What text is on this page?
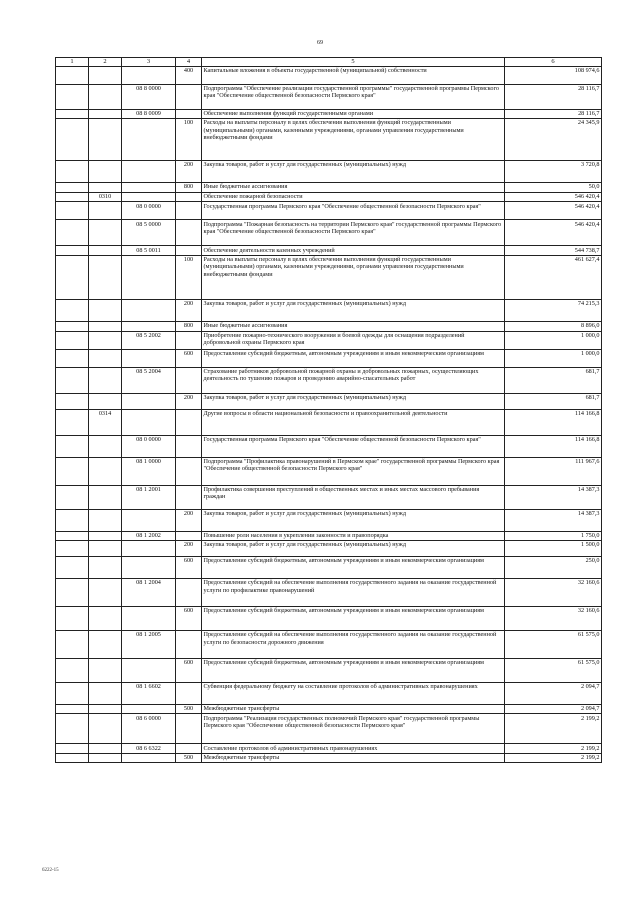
69
1	2	3	4	5	6
			400	Капитальные вложения в объекты государственной (муниципальной) собственности	108 974,6
		08 8 0000		Подпрограмма "Обеспечение реализации государственной программы" государственной программы Пермского края "Обеспечение общественной безопасности Пермского края"	28 116,7
		08 8 0009		Обеспечение выполнения функций государственными органами	28 116,7
			100	Расходы на выплаты персоналу в целях обеспечения выполнения функций государственными (муниципальными) органами, казенными учреждениями, органами управления государственными внебюджетными фондами	24 345,9
			200	Закупка товаров, работ и услуг для государственных (муниципальных) нужд	3 720,8
			800	Иные бюджетные ассигнования	50,0
	0310			Обеспечение пожарной безопасности	546 420,4
		08 0 0000		Государственная программа Пермского края "Обеспечение общественной безопасности Пермского края"	546 420,4
		08 5 0000		Подпрограмма "Пожарная безопасность на территории Пермского края" государственной программы Пермского края "Обеспечение общественной безопасности Пермского края"	546 420,4
		08 5 0011		Обеспечение деятельности казенных учреждений	544 738,7
			100	Расходы на выплаты персоналу в целях обеспечения выполнения функций государственными (муниципальными) органами, казенными учреждениями, органами управления государственными внебюджетными фондами	461 627,4
			200	Закупка товаров, работ и услуг для государственных (муниципальных) нужд	74 215,3
			800	Иные бюджетные ассигнования	8 896,0
		08 5 2002		Приобретение пожарно-технического вооружения и боевой одежды для оснащения подразделений добровольной охраны Пермского края	1 000,0
			600	Предоставление субсидий бюджетным, автономным учреждениям и иным некоммерческим организациям	1 000,0
		08 5 2004		Страхование работников добровольной пожарной охраны и добровольных пожарных, осуществляющих деятельность по тушению пожаров и проведению аварийно-спасательных работ	681,7
			200	Закупка товаров, работ и услуг для государственных (муниципальных) нужд	681,7
	0314			Другие вопросы в области национальной безопасности и правоохранительной деятельности	114 166,8
		08 0 0000		Государственная программа Пермского края "Обеспечение общественной безопасности Пермского края"	114 166,8
		08 1 0000		Подпрограмма "Профилактика правонарушений в Пермском крае" государственной программы Пермского края "Обеспечение общественной безопасности Пермского края"	111 967,6
		08 1 2001		Профилактика совершения преступлений в общественных местах и иных местах массового пребывания граждан	14 387,3
			200	Закупка товаров, работ и услуг для государственных (муниципальных) нужд	14 387,3
		08 1 2002		Повышение роли населения в укреплении законности и правопорядка	1 750,0
			200	Закупка товаров, работ и услуг для государственных (муниципальных) нужд	1 500,0
			600	Предоставление субсидий бюджетным, автономным учреждениям и иным некоммерческим организациям	250,0
		08 1 2004		Предоставление субсидий на обеспечение выполнения государственного задания на оказание государственной услуги по профилактике правонарушений	32 160,6
			600	Предоставление субсидий бюджетным, автономным учреждениям и иным некоммерческим организациям	32 160,6
		08 1 2005		Предоставление субсидий на обеспечение выполнения государственного задания на оказание государственной услуги по безопасности дорожного движения	61 575,0
			600	Предоставление субсидий бюджетным, автономным учреждениям и иным некоммерческим организациям	61 575,0
		08 1 6602		Субвенция федеральному бюджету на составление протоколов об административных правонарушениях	2 094,7
			500	Межбюджетные трансферты	2 094,7
		08 6 0000		Подпрограмма "Реализация государственных полномочий Пермского края" государственной программы Пермского края "Обеспечение общественной безопасности Пермского края"	2 199,2
		08 6 6322		Составление протоколов об административных правонарушениях	2 199,2
			500	Межбюджетные трансферты	2 199,2
6222-15
